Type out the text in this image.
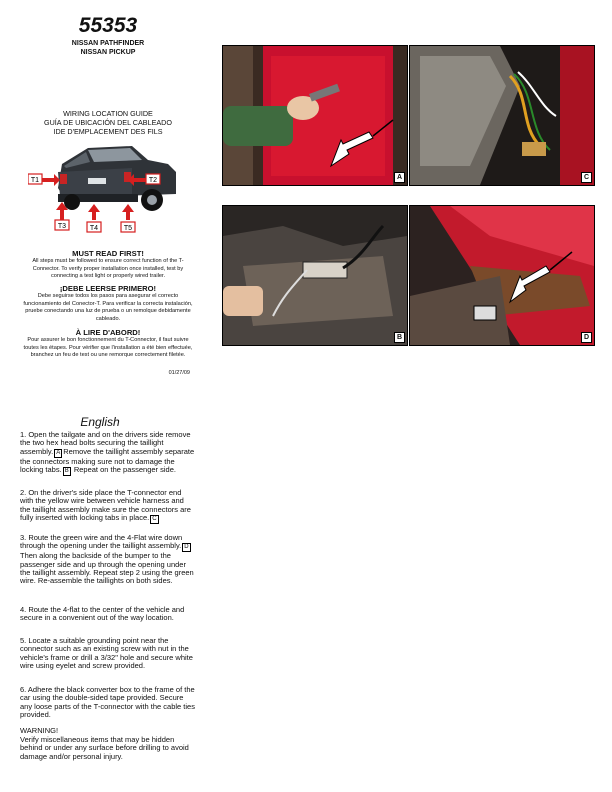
55353
NISSAN PATHFINDER
NISSAN PICKUP
WIRING LOCATION GUIDE
GUÍA DE UBICACIÓN DEL CABLEADO
IDE D'EMPLACEMENT DES FILS
T1	T2
T3	T4	T5
MUST READ FIRST!
All steps must be followed to ensure correct function of the T-Connector. To verify proper installation once installed, test by connecting a test light or properly wired trailer.
¡DEBE LEERSE PRIMERO!
Debe seguirse todos los pasos para asegurar el correcto funcionamiento del Conector-T. Para verificar la correcta instalación, pruebe conectando una luz de prueba o un remolque debidamente cableado.
À LIRE D'ABORD!
Pour assurer le bon fonctionnement du T-Connector, il faut suivre toutes les étapes. Pour vérifier que l'installation a été bien effectuée, branchez un feu de test ou une remorque correctement filetée.
01/27/09
English

1. Open the tailgate and on the drivers side remove the two hex head bolts securing the taillight assembly. A Remove the taillight assembly separate the connectors making sure not to damage the locking tabs. B Repeat on the passenger side.

2. On the driver's side place the T-connector end with the yellow wire between vehicle harness and the taillight assembly make sure the connectors are fully inserted with locking tabs in place. C

3. Route the green wire and the 4-Flat wire down through the opening under the taillight assembly. D Then along the backside of the bumper to the passenger side and up through the opening under the taillight assembly. Repeat step 2 using the green wire. Re-assemble the taillights on both sides.

4. Route the 4-flat to the center of the vehicle and secure in a convenient out of the way location.

5. Locate a suitable grounding point near the connector such as an existing screw with nut in the vehicle's frame or drill a 3/32" hole and secure white wire using eyelet and screw provided.

6. Adhere the black converter box to the frame of the car using the double-sided tape provided. Secure any loose parts of the T-connector with the cable ties provided.

WARNING!

Verify miscellaneous items that may be hidden behind or under any surface before drilling to avoid damage and/or personal injury.

A	C
B	D
